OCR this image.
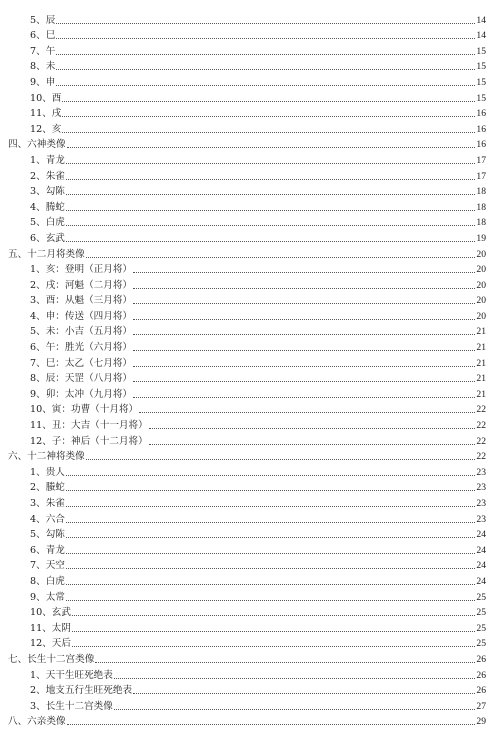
5、辰	14
6、巳	14
7、午	15
8、未	15
9、申	15
10、酉	15
11、戌	16
12、亥	16
四、六神类像	16
1、青龙	17
2、朱雀	17
3、勾陈	18
4、腾蛇	18
5、白虎	18
6、玄武	19
五、十二月将类像	20
1、亥：登明（正月将）	20
2、戌：河魁（二月将）	20
3、酉：从魁（三月将）	20
4、申：传送（四月将）	20
5、未：小吉（五月将）	21
6、午：胜光（六月将）	21
7、巳：太乙（七月将）	21
8、辰：天罡（八月将）	21
9、卯：太冲（九月将）	21
10、寅：功曹（十月将）	22
11、丑：大吉（十一月将）	22
12、子：神后（十二月将）	22
六、十二神将类像	22
1、贵人	23
2、螣蛇	23
3、朱雀	23
4、六合	23
5、勾陈	24
6、青龙	24
7、天空	24
8、白虎	24
9、太常	25
10、玄武	25
11、太阴	25
12、天后	25
七、长生十二宫类像	26
1、天干生旺死绝表	26
2、地支五行生旺死绝表	26
3、长生十二宫类像	27
八、六亲类像	29
